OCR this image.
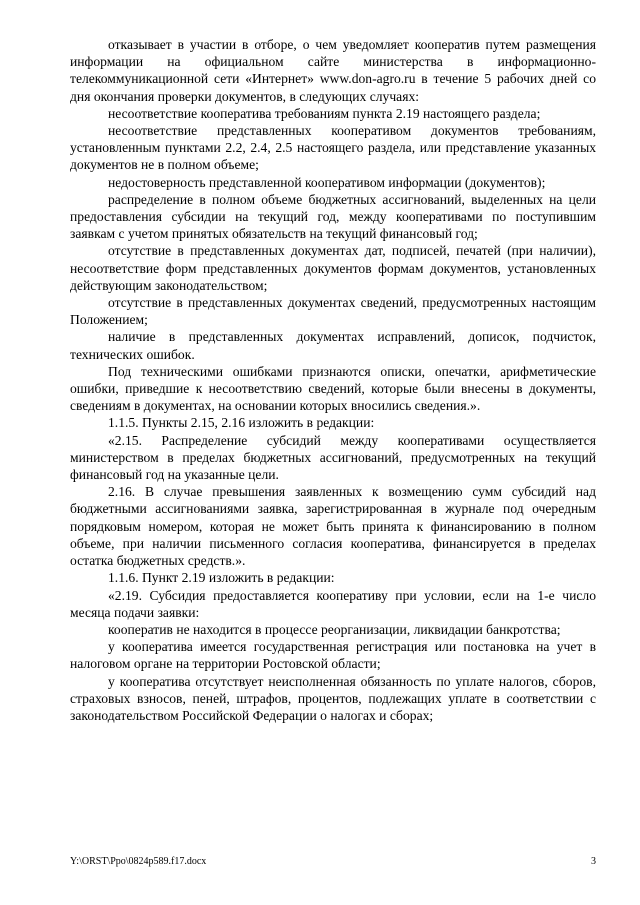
отказывает в участии в отборе, о чем уведомляет кооператив путем размещения информации на официальном сайте министерства в информационно-телекоммуникационной сети «Интернет» www.don-agro.ru в течение 5 рабочих дней со дня окончания проверки документов, в следующих случаях:

несоответствие кооператива требованиям пункта 2.19 настоящего раздела;

несоответствие представленных кооперативом документов требованиям, установленным пунктами 2.2, 2.4, 2.5 настоящего раздела, или представление указанных документов не в полном объеме;

недостоверность представленной кооперативом информации (документов);

распределение в полном объеме бюджетных ассигнований, выделенных на цели предоставления субсидии на текущий год, между кооперативами по поступившим заявкам с учетом принятых обязательств на текущий финансовый год;

отсутствие в представленных документах дат, подписей, печатей (при наличии), несоответствие форм представленных документов формам документов, установленных действующим законодательством;

отсутствие в представленных документах сведений, предусмотренных настоящим Положением;

наличие в представленных документах исправлений, дописок, подчисток, технических ошибок.

Под техническими ошибками признаются описки, опечатки, арифметические ошибки, приведшие к несоответствию сведений, которые были внесены в документы, сведениям в документах, на основании которых вносились сведения.».

1.1.5. Пункты 2.15, 2.16 изложить в редакции:

«2.15. Распределение субсидий между кооперативами осуществляется министерством в пределах бюджетных ассигнований, предусмотренных на текущий финансовый год на указанные цели.

2.16. В случае превышения заявленных к возмещению сумм субсидий над бюджетными ассигнованиями заявка, зарегистрированная в журнале под очередным порядковым номером, которая не может быть принята к финансированию в полном объеме, при наличии письменного согласия кооператива, финансируется в пределах остатка бюджетных средств.».

1.1.6. Пункт 2.19 изложить в редакции:

«2.19. Субсидия предоставляется кооперативу при условии, если на 1-е число месяца подачи заявки:

кооператив не находится в процессе реорганизации, ликвидации банкротства;

у кооператива имеется государственная регистрация или постановка на учет в налоговом органе на территории Ростовской области;

у кооператива отсутствует неисполненная обязанность по уплате налогов, сборов, страховых взносов, пеней, штрафов, процентов, подлежащих уплате в соответствии с законодательством Российской Федерации о налогах и сборах;

Y:\ORST\Ppo\0824p589.f17.docx	3
